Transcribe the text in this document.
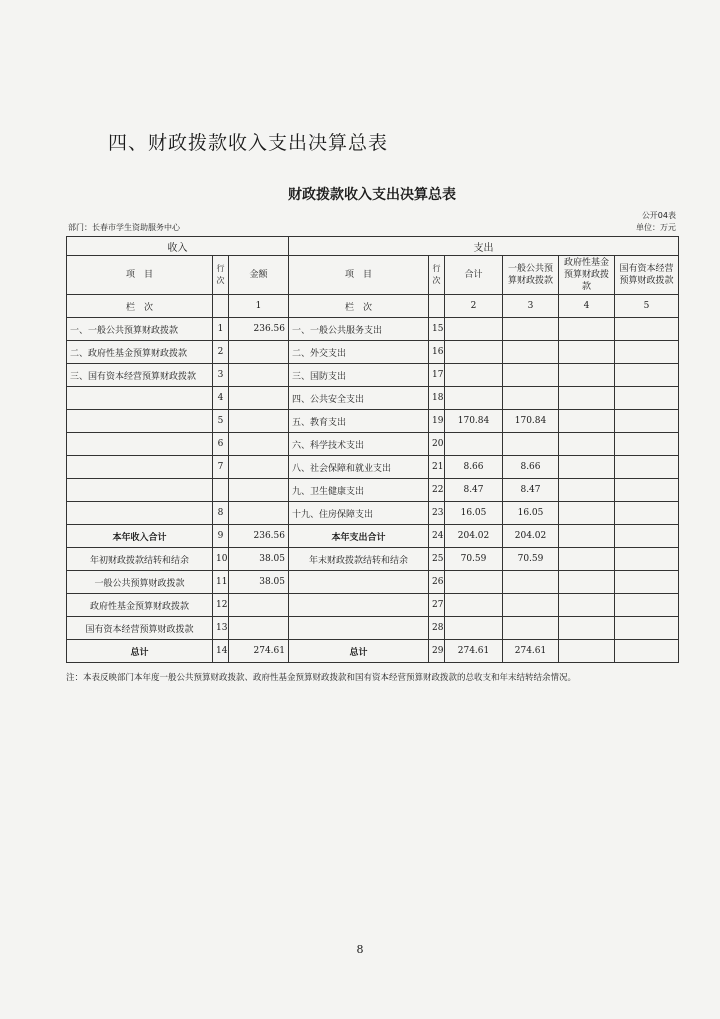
四、财政拨款收入支出决算总表
财政拨款收入支出决算总表
部门：长春市学生资助服务中心
公开04表
单位：万元
收入			支出					
项　目	行次	金额	项　目	行次	合计	一般公共预算财政拨款	政府性基金预算财政拨款	国有资本经营预算财政拨款
栏　次		1	栏　次		2	3	4	5
一、一般公共预算财政拨款	1	236.56	一、一般公共服务支出	15				
二、政府性基金预算财政拨款	2		二、外交支出	16				
三、国有资本经营预算财政拨款	3		三、国防支出	17				
	4		四、公共安全支出	18				
	5		五、教育支出	19	170.84	170.84		
	6		六、科学技术支出	20				
	7		八、社会保障和就业支出	21	8.66	8.66		
			九、卫生健康支出	22	8.47	8.47		
	8		十九、住房保障支出	23	16.05	16.05		
本年收入合计	9	236.56	本年支出合计	24	204.02	204.02		
年初财政拨款结转和结余	10	38.05	年末财政拨款结转和结余	25	70.59	70.59		
一般公共预算财政拨款	11	38.05		26				
政府性基金预算财政拨款	12			27				
国有资本经营预算财政拨款	13			28				
总计	14	274.61	总计	29	274.61	274.61		
注：本表反映部门本年度一般公共预算财政拨款、政府性基金预算财政拨款和国有资本经营预算财政拨款的总收支和年末结转结余情况。
8
